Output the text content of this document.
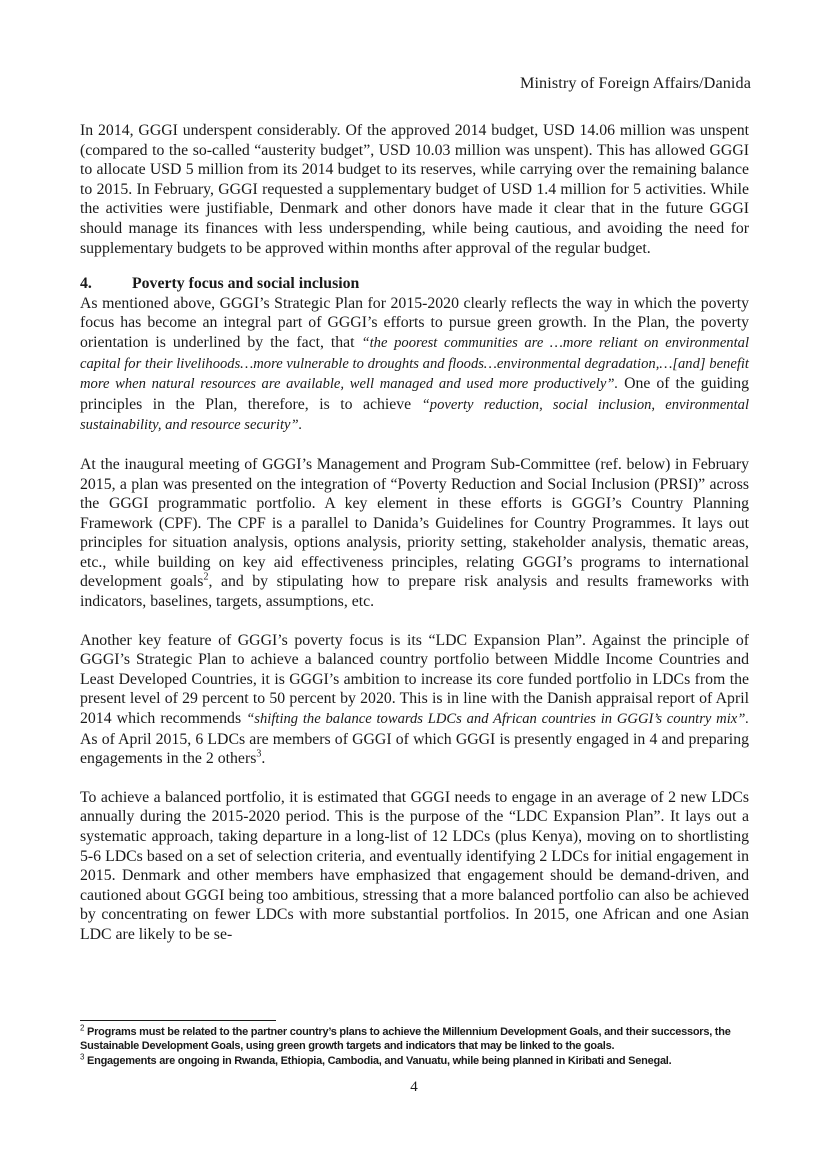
Ministry of Foreign Affairs/Danida

In 2014, GGGI underspent considerably. Of the approved 2014 budget, USD 14.06 million was unspent (compared to the so-called “austerity budget”, USD 10.03 million was unspent). This has allowed GGGI to allocate USD 5 million from its 2014 budget to its reserves, while carrying over the remaining balance to 2015. In February, GGGI requested a supplementary budget of USD 1.4 million for 5 activities. While the activities were justifiable, Denmark and other donors have made it clear that in the future GGGI should manage its finances with less underspending, while being cautious, and avoiding the need for supplementary budgets to be approved within months after approval of the regular budget.

4.	Poverty focus and social inclusion

As mentioned above, GGGI’s Strategic Plan for 2015-2020 clearly reflects the way in which the poverty focus has become an integral part of GGGI’s efforts to pursue green growth. In the Plan, the poverty orientation is underlined by the fact, that “the poorest communities are …more reliant on environmental capital for their livelihoods…more vulnerable to droughts and floods…environmental degradation,…[and] benefit more when natural resources are available, well managed and used more productively”. One of the guiding principles in the Plan, therefore, is to achieve “poverty reduction, social inclusion, environmental sustainability, and resource security”.

At the inaugural meeting of GGGI’s Management and Program Sub-Committee (ref. below) in February 2015, a plan was presented on the integration of “Poverty Reduction and Social Inclusion (PRSI)” across the GGGI programmatic portfolio. A key element in these efforts is GGGI’s Country Planning Framework (CPF). The CPF is a parallel to Danida’s Guidelines for Country Programmes. It lays out principles for situation analysis, options analysis, priority setting, stakeholder analysis, thematic areas, etc., while building on key aid effectiveness principles, relating GGGI’s programs to international development goals$^2$, and by stipulating how to prepare risk analysis and results frameworks with indicators, baselines, targets, assumptions, etc.

Another key feature of GGGI’s poverty focus is its “LDC Expansion Plan”. Against the principle of GGGI’s Strategic Plan to achieve a balanced country portfolio between Middle Income Countries and Least Developed Countries, it is GGGI’s ambition to increase its core funded portfolio in LDCs from the present level of 29 percent to 50 percent by 2020. This is in line with the Danish appraisal report of April 2014 which recommends “shifting the balance towards LDCs and African countries in GGGI’s country mix”. As of April 2015, 6 LDCs are members of GGGI of which GGGI is presently engaged in 4 and preparing engagements in the 2 others$^3$.

To achieve a balanced portfolio, it is estimated that GGGI needs to engage in an average of 2 new LDCs annually during the 2015-2020 period. This is the purpose of the “LDC Expansion Plan”. It lays out a systematic approach, taking departure in a long-list of 12 LDCs (plus Kenya), moving on to shortlisting 5-6 LDCs based on a set of selection criteria, and eventually identifying 2 LDCs for initial engagement in 2015. Denmark and other members have emphasized that engagement should be demand-driven, and cautioned about GGGI being too ambitious, stressing that a more balanced portfolio can also be achieved by concentrating on fewer LDCs with more substantial portfolios. In 2015, one African and one Asian LDC are likely to be se-

$^2$ Programs must be related to the partner country’s plans to achieve the Millennium Development Goals, and their successors, the Sustainable Development Goals, using green growth targets and indicators that may be linked to the goals.
$^3$ Engagements are ongoing in Rwanda, Ethiopia, Cambodia, and Vanuatu, while being planned in Kiribati and Senegal.
4
